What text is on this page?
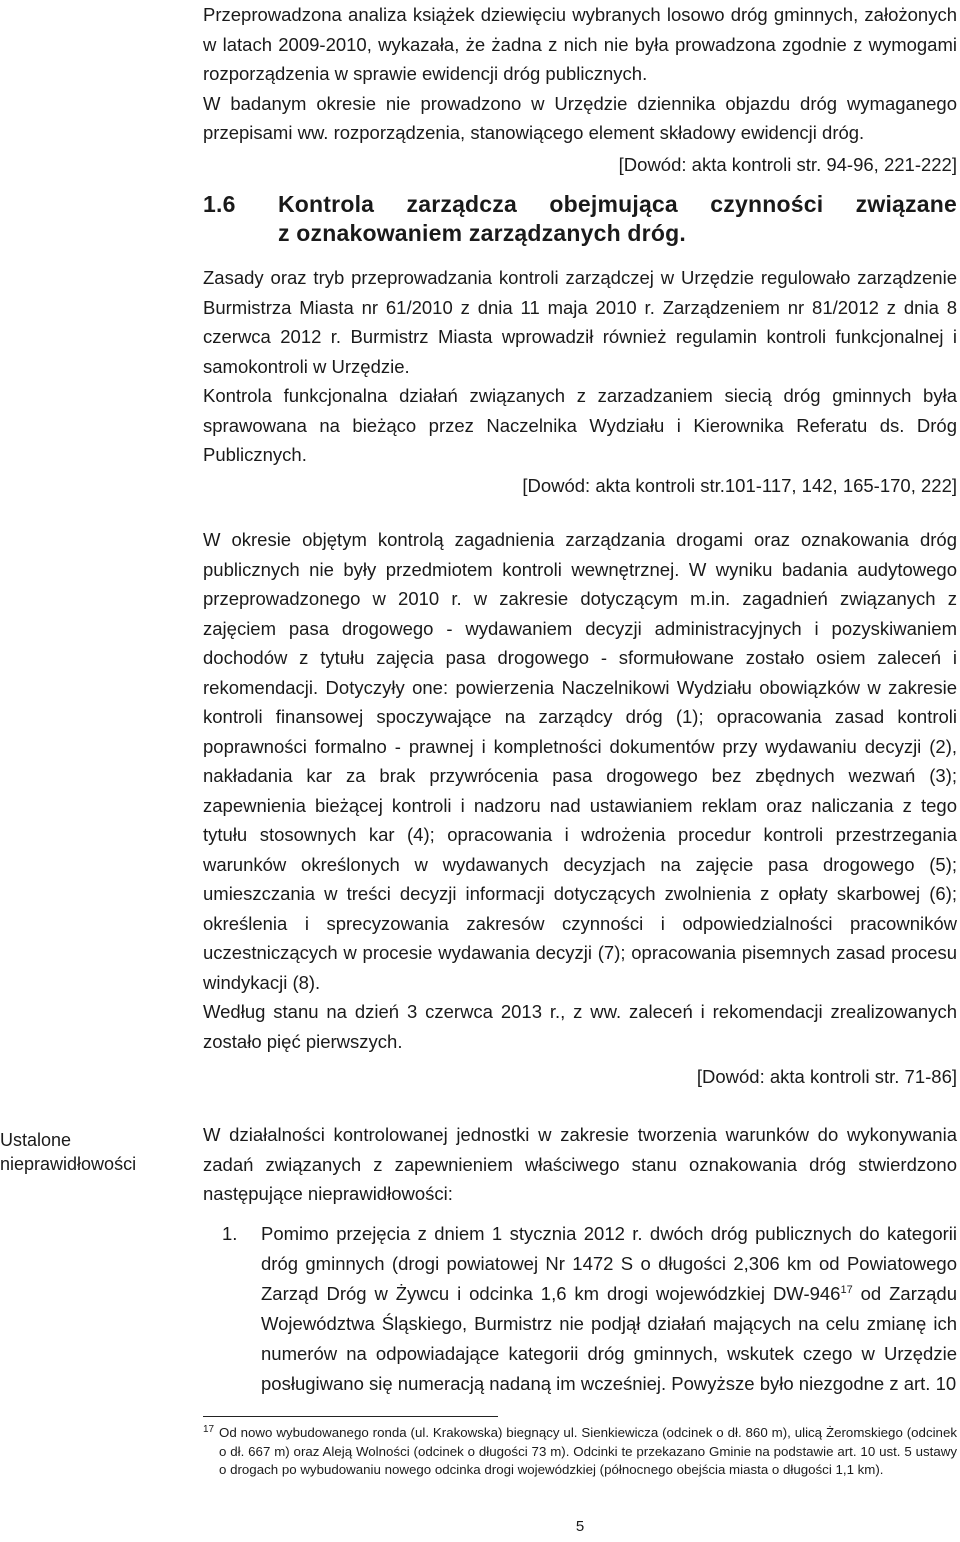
Przeprowadzona analiza książek dziewięciu wybranych losowo dróg gminnych, założonych w latach 2009-2010, wykazała, że żadna z nich nie była prowadzona zgodnie z wymogami rozporządzenia w sprawie ewidencji dróg publicznych.

W badanym okresie nie prowadzono w Urzędzie dziennika objazdu dróg wymaganego przepisami ww. rozporządzenia, stanowiącego element składowy ewidencji dróg.

[Dowód: akta kontroli str. 94-96, 221-222]
1.6 Kontrola zarządcza obejmująca czynności związane
z oznakowaniem zarządzanych dróg.

Zasady oraz tryb przeprowadzania kontroli zarządczej w Urzędzie regulowało zarządzenie Burmistrza Miasta nr 61/2010 z dnia 11 maja 2010 r. Zarządzeniem nr 81/2012 z dnia 8 czerwca 2012 r. Burmistrz Miasta wprowadził również regulamin kontroli funkcjonalnej i samokontroli w Urzędzie.

Kontrola funkcjonalna działań związanych z zarzadzaniem siecią dróg gminnych była sprawowana na bieżąco przez Naczelnika Wydziału i Kierownika Referatu ds. Dróg Publicznych.

[Dowód: akta kontroli str.101-117, 142, 165-170, 222]

W okresie objętym kontrolą zagadnienia zarządzania drogami oraz oznakowania dróg publicznych nie były przedmiotem kontroli wewnętrznej. W wyniku badania audytowego przeprowadzonego w 2010 r. w zakresie dotyczącym m.in. zagadnień związanych z zajęciem pasa drogowego - wydawaniem decyzji administracyjnych i pozyskiwaniem dochodów z tytułu zajęcia pasa drogowego - sformułowane zostało osiem zaleceń i rekomendacji. Dotyczyły one: powierzenia Naczelnikowi Wydziału obowiązków w zakresie kontroli finansowej spoczywające na zarządcy dróg (1); opracowania zasad kontroli poprawności formalno - prawnej i kompletności dokumentów przy wydawaniu decyzji (2), nakładania kar za brak przywrócenia pasa drogowego bez zbędnych wezwań (3); zapewnienia bieżącej kontroli i nadzoru nad ustawianiem reklam oraz naliczania z tego tytułu stosownych kar (4); opracowania i wdrożenia procedur kontroli przestrzegania warunków określonych w wydawanych decyzjach na zajęcie pasa drogowego (5); umieszczania w treści decyzji informacji dotyczących zwolnienia z opłaty skarbowej (6); określenia i sprecyzowania zakresów czynności i odpowiedzialności pracowników uczestniczących w procesie wydawania decyzji (7); opracowania pisemnych zasad procesu windykacji (8).

Według stanu na dzień 3 czerwca 2013 r., z ww. zaleceń i rekomendacji zrealizowanych zostało pięć pierwszych.

[Dowód: akta kontroli str. 71-86]
Ustalone
nieprawidłowości

W działalności kontrolowanej jednostki w zakresie tworzenia warunków do wykonywania zadań związanych z zapewnieniem właściwego stanu oznakowania dróg stwierdzono następujące nieprawidłowości:

1. Pomimo przejęcia z dniem 1 stycznia 2012 r. dwóch dróg publicznych do kategorii dróg gminnych (drogi powiatowej Nr 1472 S o długości 2,306 km od Powiatowego Zarząd Dróg w Żywcu i odcinka 1,6 km drogi wojewódzkiej $DW-946^{17}$ od Zarządu Województwa Śląskiego, Burmistrz nie podjął działań mających na celu zmianę ich numerów na odpowiadające kategorii dróg gminnych, wskutek czego w Urzędzie posługiwano się numeracją nadaną im wcześniej. Powyższe było niezgodne z art. 10
17 Od nowo wybudowanego ronda (ul. Krakowska) biegnący ul. Sienkiewicza (odcinek o dł. 860 m), ulicą Żeromskiego (odcinek o dł. 667 m) oraz Aleją Wolności (odcinek o długości 73 m). Odcinki te przekazano Gminie na podstawie art. 10 ust. 5 ustawy o drogach po wybudowaniu nowego odcinka drogi wojewódzkiej (północnego obejścia miasta o długości 1,1 km).
5
